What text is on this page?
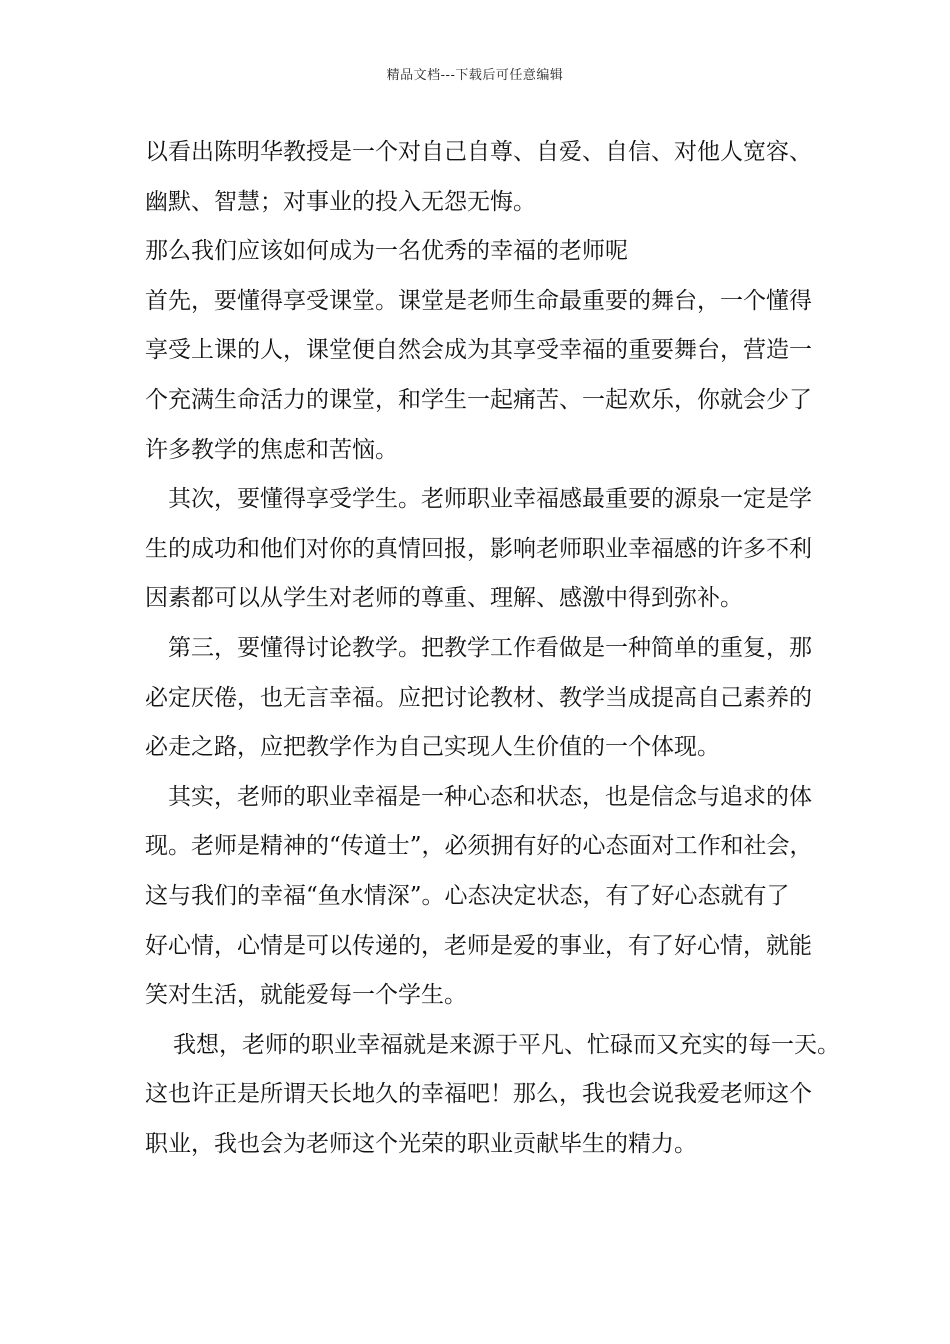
精品文档---下载后可任意编辑
以看出陈明华教授是一个对自己自尊、自爱、自信、对他人宽容、
幽默、智慧；对事业的投入无怨无悔。
那么我们应该如何成为一名优秀的幸福的老师呢
首先，要懂得享受课堂。课堂是老师生命最重要的舞台，一个懂得
享受上课的人，课堂便自然会成为其享受幸福的重要舞台，营造一
个充满生命活力的课堂，和学生一起痛苦、一起欢乐，你就会少了
许多教学的焦虑和苦恼。
其次，要懂得享受学生。老师职业幸福感最重要的源泉一定是学
生的成功和他们对你的真情回报，影响老师职业幸福感的许多不利
因素都可以从学生对老师的尊重、理解、感激中得到弥补。
第三，要懂得讨论教学。把教学工作看做是一种简单的重复，那
必定厌倦，也无言幸福。应把讨论教材、教学当成提高自己素养的
必走之路，应把教学作为自己实现人生价值的一个体现。
其实，老师的职业幸福是一种心态和状态，也是信念与追求的体
现。老师是精神的“传道士”，必须拥有好的心态面对工作和社会，
这与我们的幸福“鱼水情深”。心态决定状态，有了好心态就有了
好心情，心情是可以传递的，老师是爱的事业，有了好心情，就能
笑对生活，就能爱每一个学生。
我想，老师的职业幸福就是来源于平凡、忙碌而又充实的每一天。
这也许正是所谓天长地久的幸福吧！那么，我也会说我爱老师这个
职业，我也会为老师这个光荣的职业贡献毕生的精力。
